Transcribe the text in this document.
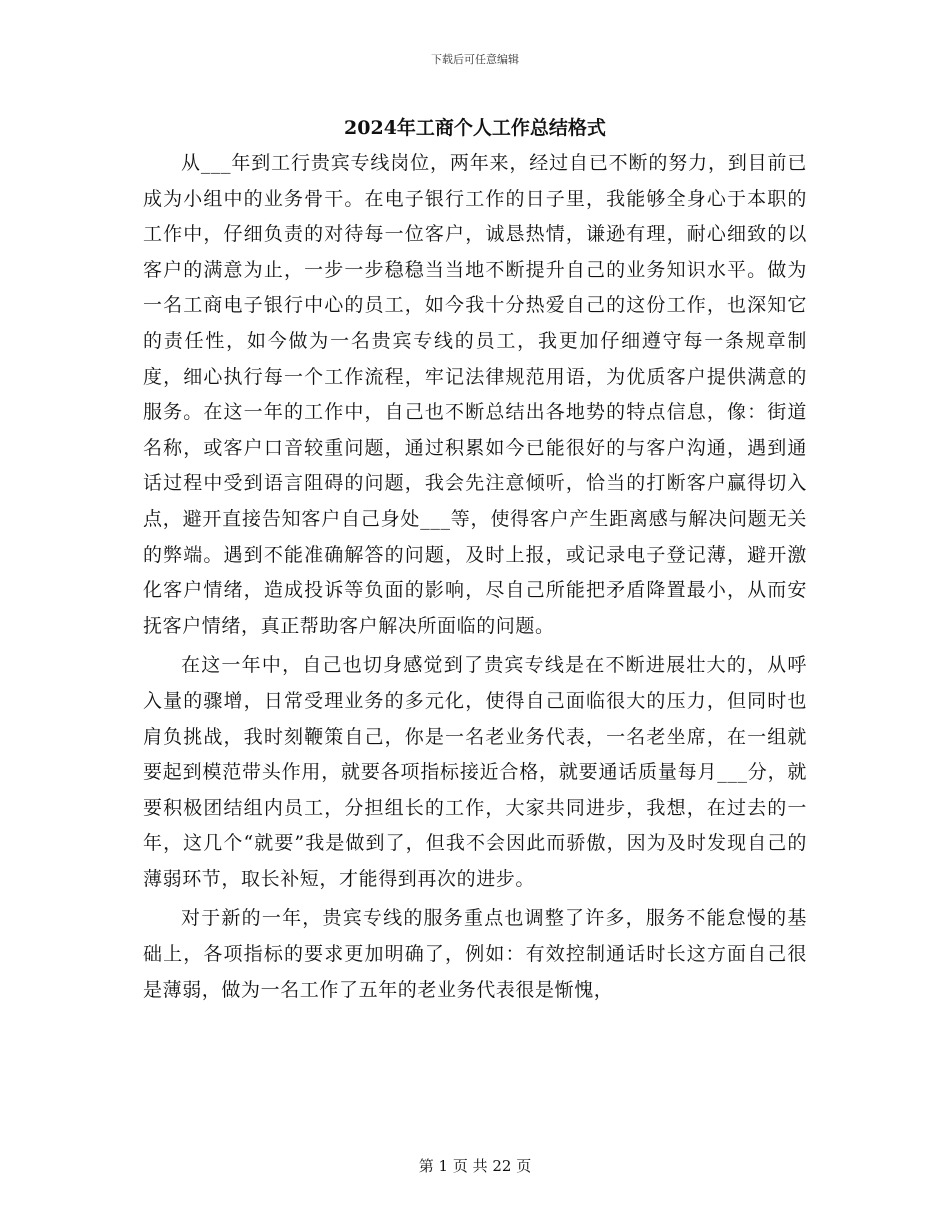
下载后可任意编辑
2024年工商个人工作总结格式

从___年到工行贵宾专线岗位，两年来，经过自已不断的努力，到目前已成为小组中的业务骨干。在电子银行工作的日子里，我能够全身心于本职的工作中，仔细负责的对待每一位客户，诚恳热情，谦逊有理，耐心细致的以客户的满意为止，一步一步稳稳当当地不断提升自己的业务知识水平。做为一名工商电子银行中心的员工，如今我十分热爱自己的这份工作，也深知它的责任性，如今做为一名贵宾专线的员工，我更加仔细遵守每一条规章制度，细心执行每一个工作流程，牢记法律规范用语，为优质客户提供满意的服务。在这一年的工作中，自己也不断总结出各地势的特点信息，像：街道名称，或客户口音较重问题，通过积累如今已能很好的与客户沟通，遇到通话过程中受到语言阻碍的问题，我会先注意倾听，恰当的打断客户赢得切入点，避开直接告知客户自己身处___等，使得客户产生距离感与解决问题无关的弊端。遇到不能准确解答的问题，及时上报，或记录电子登记薄，避开激化客户情绪，造成投诉等负面的影响，尽自己所能把矛盾降置最小，从而安抚客户情绪，真正帮助客户解决所面临的问题。

在这一年中，自己也切身感觉到了贵宾专线是在不断进展壮大的，从呼入量的骤增，日常受理业务的多元化，使得自己面临很大的压力，但同时也肩负挑战，我时刻鞭策自己，你是一名老业务代表，一名老坐席，在一组就要起到模范带头作用，就要各项指标接近合格，就要通话质量每月___分，就要积极团结组内员工，分担组长的工作，大家共同进步，我想，在过去的一年，这几个“就要”我是做到了，但我不会因此而骄傲，因为及时发现自己的薄弱环节，取长补短，才能得到再次的进步。

对于新的一年，贵宾专线的服务重点也调整了许多，服务不能怠慢的基础上，各项指标的要求更加明确了，例如：有效控制通话时长这方面自己很是薄弱，做为一名工作了五年的老业务代表很是惭愧，

第 1 页 共 22 页
